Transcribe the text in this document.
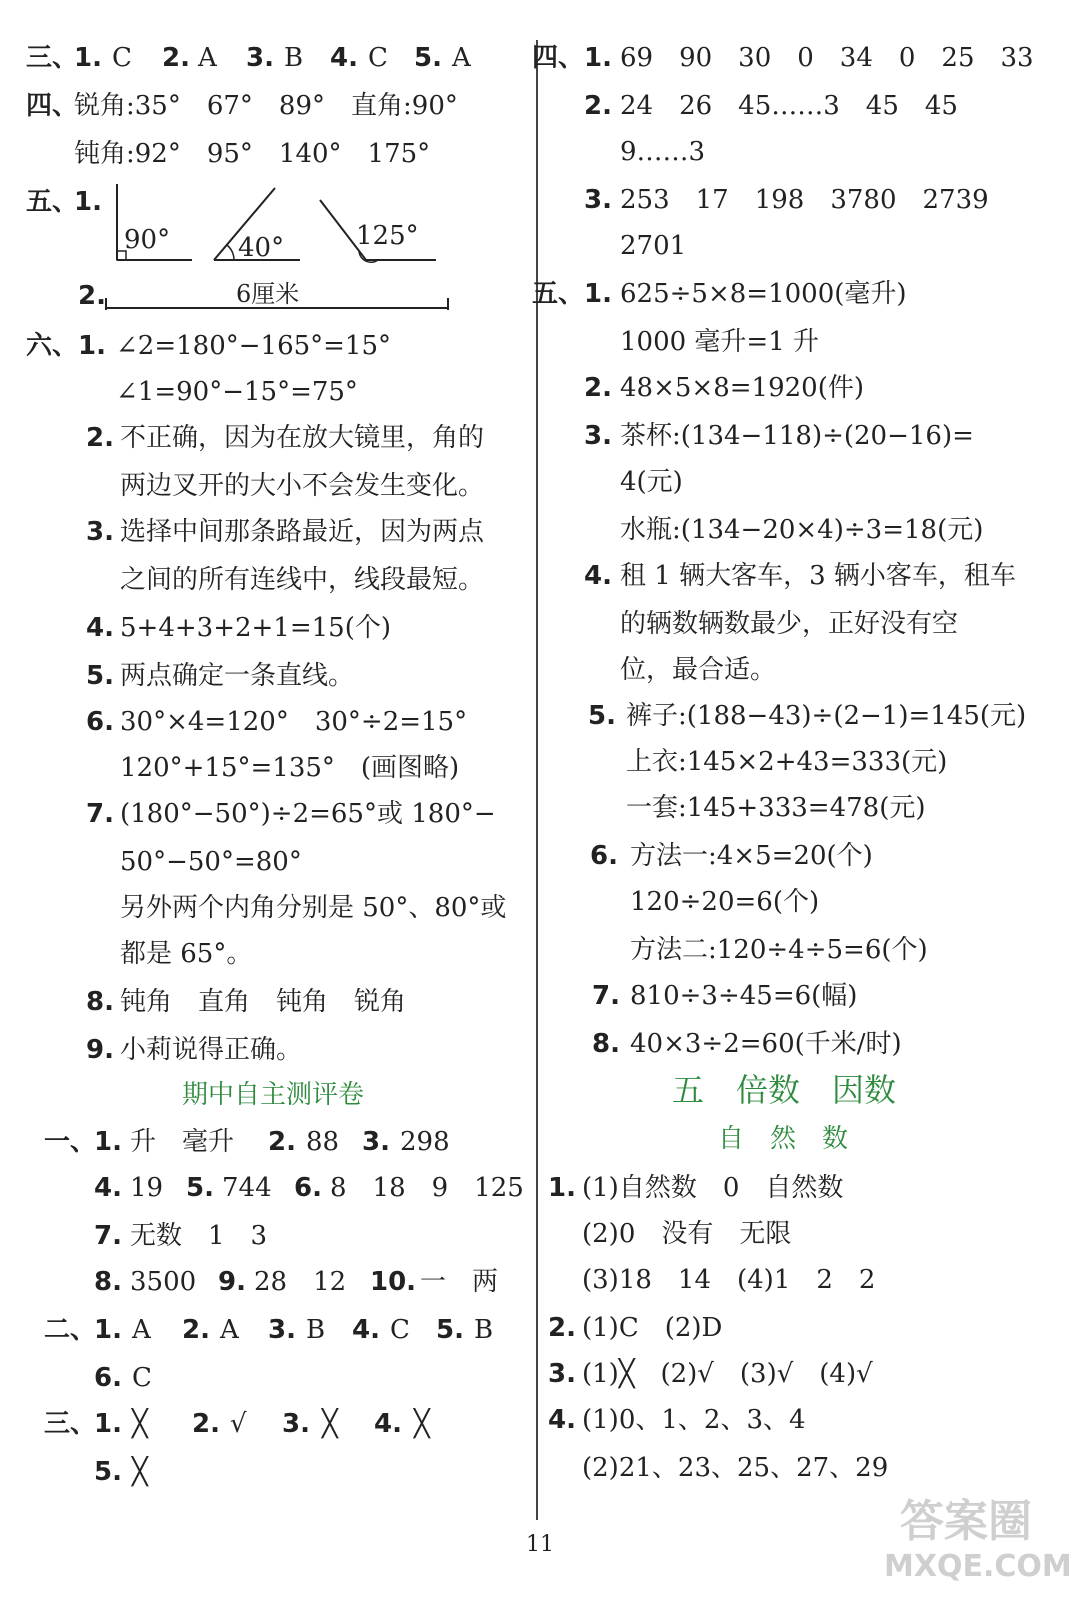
三、
1. C 2. A 3. B 4. C 5. A
四、
锐角:35°　67°　89°　直角:90°
钝角:92°　95°　140°　175°
五、
1.
90°	40°	125°
2.	6厘米
六、 1. ∠2=180°−165°=15°
∠1=90°−15°=75°
2. 不正确，因为在放大镜里，角的
两边叉开的大小不会发生变化。
3. 选择中间那条路最近，因为两点
之间的所有连线中，线段最短。
4. 5+4+3+2+1=15(个)
5. 两点确定一条直线。
6. 30°×4=120°　30°÷2=15°
120°+15°=135°　(画图略)
7. (180°−50°)÷2=65°或 180°−
50°−50°=80°
另外两个内角分别是 50°、80°或
都是 65°。
8. 钝角　直角　钝角　锐角
9. 小莉说得正确。
期中自主测评卷
一、
1. 升　毫升 2. 88 3. 298
4. 19 5. 744 6. 8　18　9　125
7. 无数　1　3
8. 3500 9. 28　12 10. 一　两
二、
1. A 2. A 3. B 4. C 5. B
6. C
三、
1. ╳ 2. √ 3. ╳ 4. ╳
5. ╳
四、 1. 69　90　30　0　34　0　25　33
2. 24　26　45……3　45　45
9……3
3. 253　17　198　3780　2739
2701
五、 1. 625÷5×8=1000(毫升)
1000 毫升=1 升
2. 48×5×8=1920(件)
3. 茶杯:(134−118)÷(20−16)=
4(元)
水瓶:(134−20×4)÷3=18(元)
4. 租 1 辆大客车，3 辆小客车，租车
的辆数辆数最少，正好没有空
位，最合适。
5. 裤子:(188−43)÷(2−1)=145(元)
上衣:145×2+43=333(元)
一套:145+333=478(元)
6. 方法一:4×5=20(个)
120÷20=6(个)
方法二:120÷4÷5=6(个)
7. 810÷3÷45=6(幅)
8. 40×3÷2=60(千米/时)
五　倍数　因数
自　然　数
1. (1)自然数　0　自然数
(2)0　没有　无限
(3)18　14　(4)1　2　2
2. (1)C　(2)D
3. (1)╳　(2)√　(3)√　(4)√
4. (1)0、1、2、3、4
(2)21、23、25、27、29
11	答案圈
MXQE.COM
